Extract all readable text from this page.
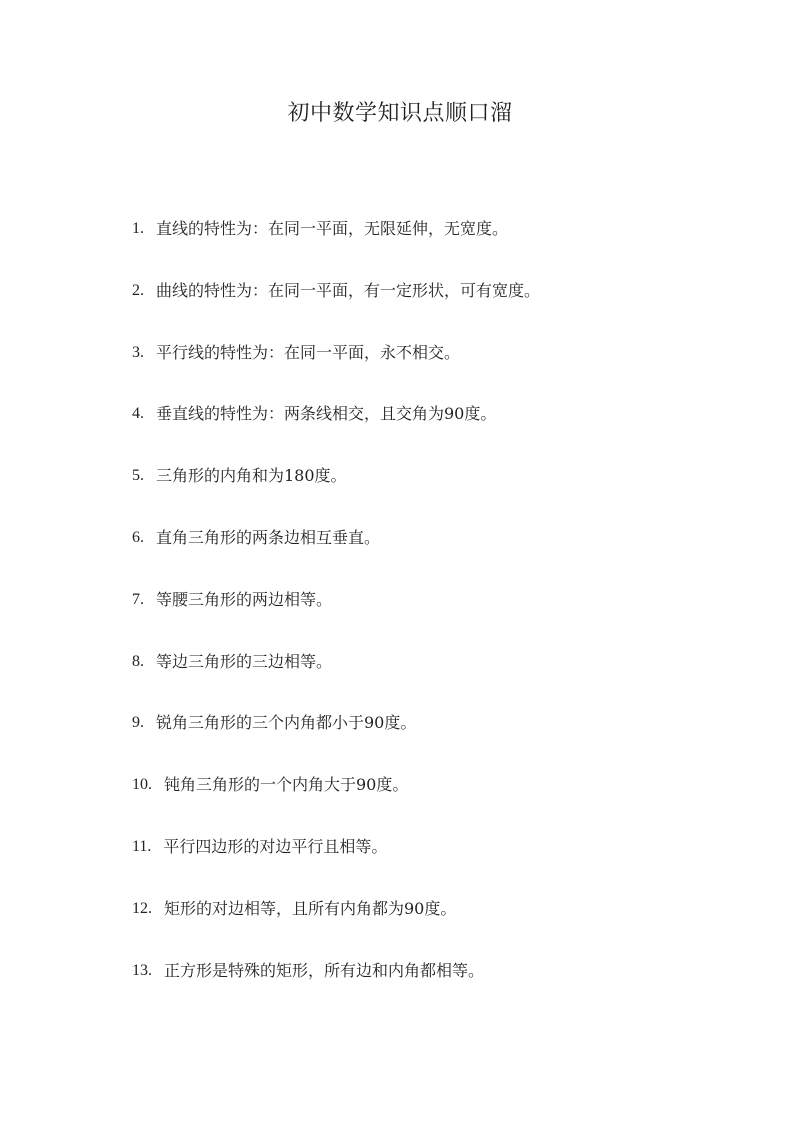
初中数学知识点顺口溜
1. 直线的特性为：在同一平面，无限延伸，无宽度。
2. 曲线的特性为：在同一平面，有一定形状，可有宽度。
3. 平行线的特性为：在同一平面，永不相交。
4. 垂直线的特性为：两条线相交，且交角为90度。
5. 三角形的内角和为180度。
6. 直角三角形的两条边相互垂直。
7. 等腰三角形的两边相等。
8. 等边三角形的三边相等。
9. 锐角三角形的三个内角都小于90度。
10. 钝角三角形的一个内角大于90度。
11. 平行四边形的对边平行且相等。
12. 矩形的对边相等，且所有内角都为90度。
13. 正方形是特殊的矩形，所有边和内角都相等。
